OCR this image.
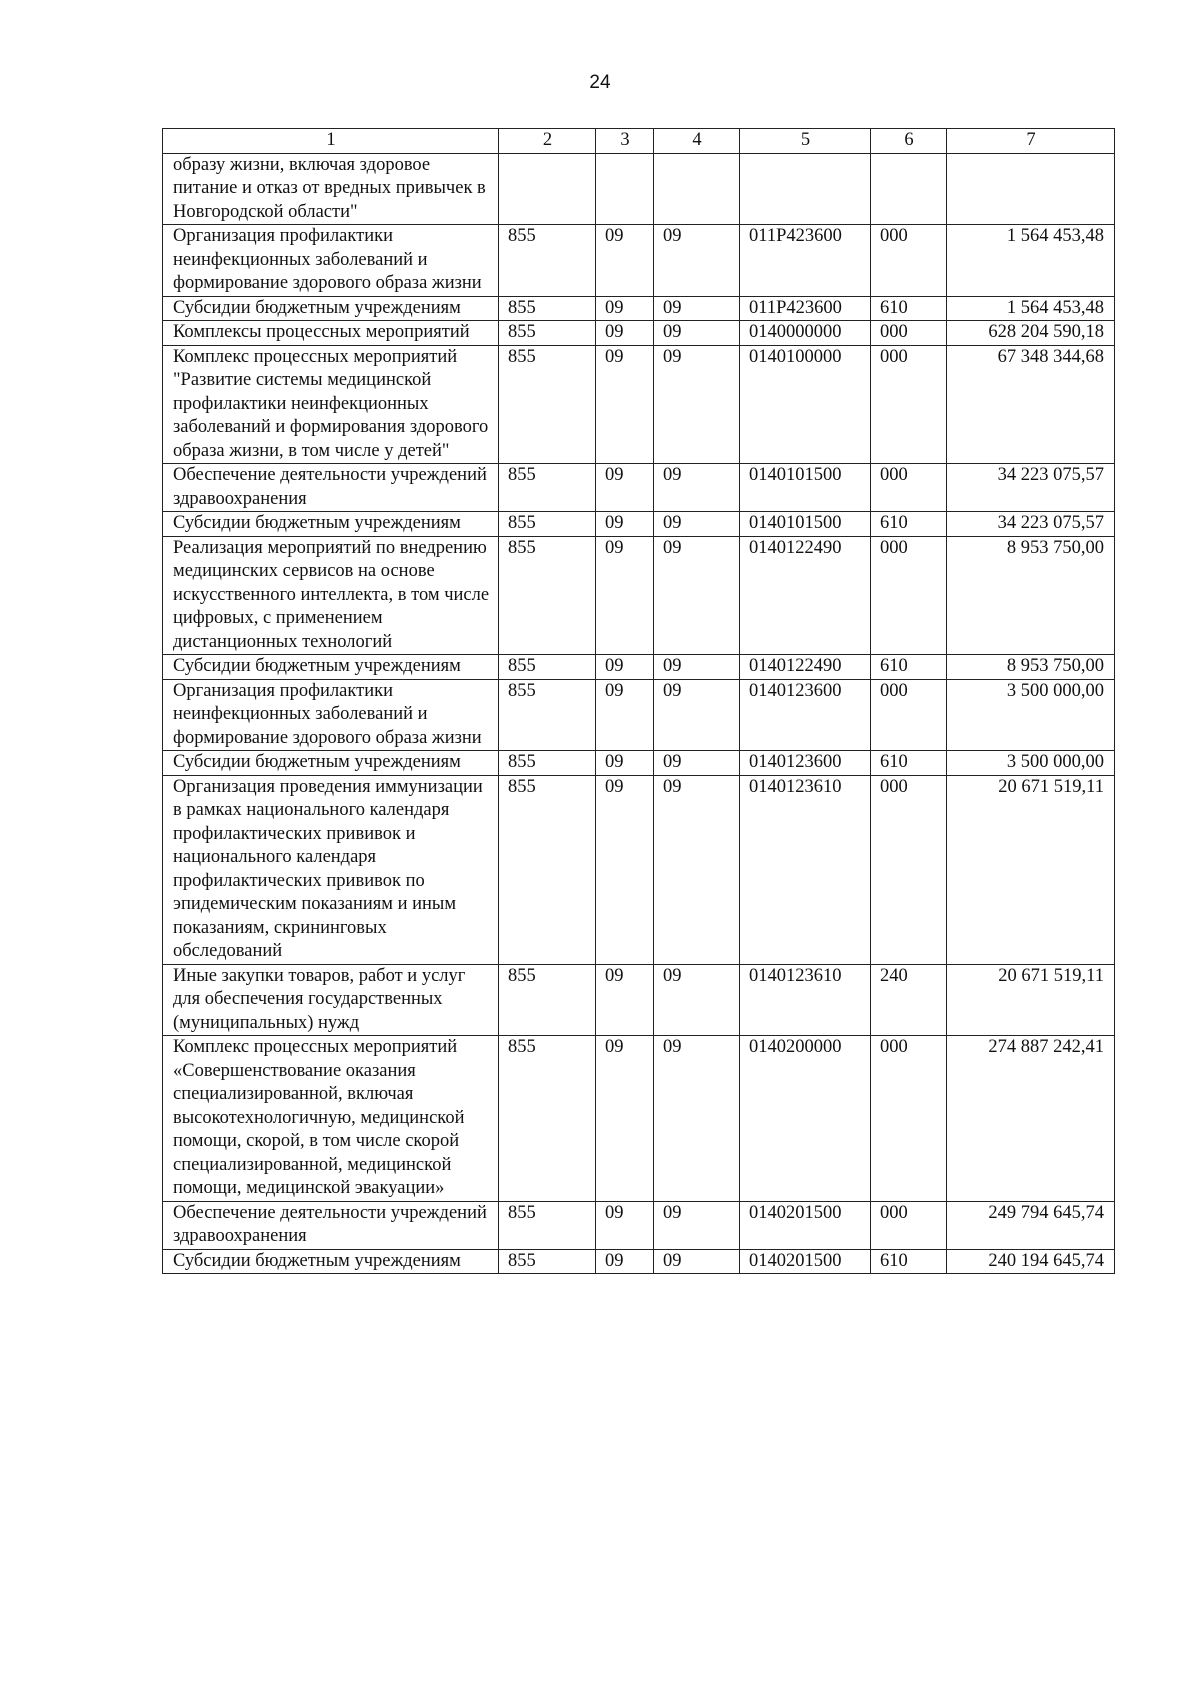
24
1	2	3	4	5	6	7
образу жизни, включая здоровое питание и отказ от вредных привычек в Новгородской области"						
Организация профилактики неинфекционных заболеваний и формирование здорового образа жизни	855	09	09	011P423600	000	1 564 453,48
Субсидии бюджетным учреждениям	855	09	09	011P423600	610	1 564 453,48
Комплексы процессных мероприятий	855	09	09	0140000000	000	628 204 590,18
Комплекс процессных мероприятий "Развитие системы медицинской профилактики неинфекционных заболеваний и формирования здорового образа жизни, в том числе у детей"	855	09	09	0140100000	000	67 348 344,68
Обеспечение деятельности учреждений здравоохранения	855	09	09	0140101500	000	34 223 075,57
Субсидии бюджетным учреждениям	855	09	09	0140101500	610	34 223 075,57
Реализация мероприятий по внедрению медицинских сервисов на основе искусственного интеллекта, в том числе цифровых, с применением дистанционных технологий	855	09	09	0140122490	000	8 953 750,00
Субсидии бюджетным учреждениям	855	09	09	0140122490	610	8 953 750,00
Организация профилактики неинфекционных заболеваний и формирование здорового образа жизни	855	09	09	0140123600	000	3 500 000,00
Субсидии бюджетным учреждениям	855	09	09	0140123600	610	3 500 000,00
Организация проведения иммунизации в рамках национального календаря профилактических прививок и национального календаря профилактических прививок по эпидемическим показаниям и иным показаниям, скрининговых обследований	855	09	09	0140123610	000	20 671 519,11
Иные закупки товаров, работ и услуг для обеспечения государственных (муниципальных) нужд	855	09	09	0140123610	240	20 671 519,11
Комплекс процессных мероприятий «Совершенствование оказания специализированной, включая высокотехнологичную, медицинской помощи, скорой, в том числе скорой специализированной, медицинской помощи, медицинской эвакуации»	855	09	09	0140200000	000	274 887 242,41
Обеспечение деятельности учреждений здравоохранения	855	09	09	0140201500	000	249 794 645,74
Субсидии бюджетным учреждениям	855	09	09	0140201500	610	240 194 645,74
